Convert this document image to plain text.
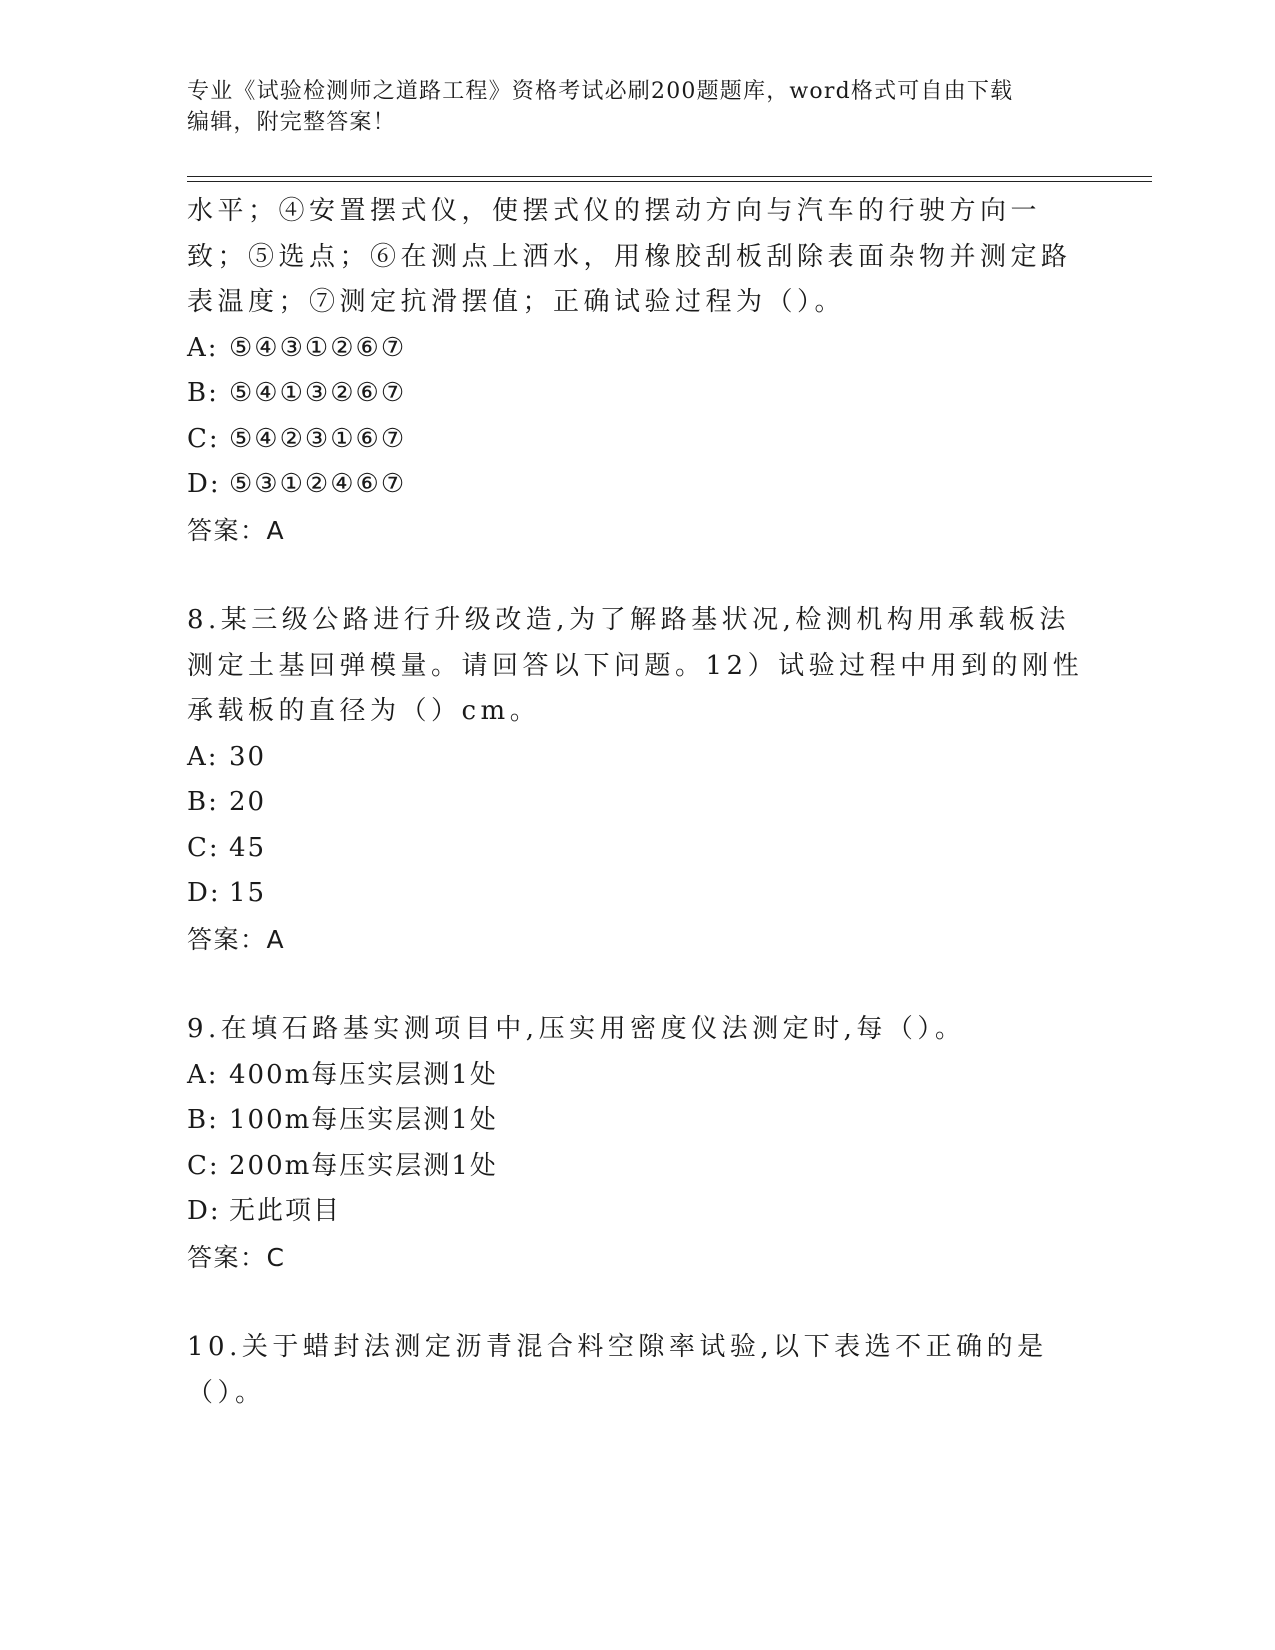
专业《试验检测师之道路工程》资格考试必刷200题题库，word格式可自由下载
编辑，附完整答案！

水平；④安置摆式仪，使摆式仪的摆动方向与汽车的行驶方向一致；⑤选点；⑥在测点上洒水，用橡胶刮板刮除表面杂物并测定路表温度；⑦测定抗滑摆值；正确试验过程为（）。

A: ⑤④③①②⑥⑦

B: ⑤④①③②⑥⑦

C: ⑤④②③①⑥⑦

D: ⑤③①②④⑥⑦

答案：A

8.某三级公路进行升级改造,为了解路基状况,检测机构用承载板法测定土基回弹模量。请回答以下问题。12）试验过程中用到的刚性承载板的直径为（）cm。

A: 30

B: 20

C: 45

D: 15

答案：A

9.在填石路基实测项目中,压实用密度仪法测定时,每（）。

A: 400m每压实层测1处

B: 100m每压实层测1处

C: 200m每压实层测1处

D: 无此项目

答案：C

10.关于蜡封法测定沥青混合料空隙率试验,以下表选不正确的是（）。
